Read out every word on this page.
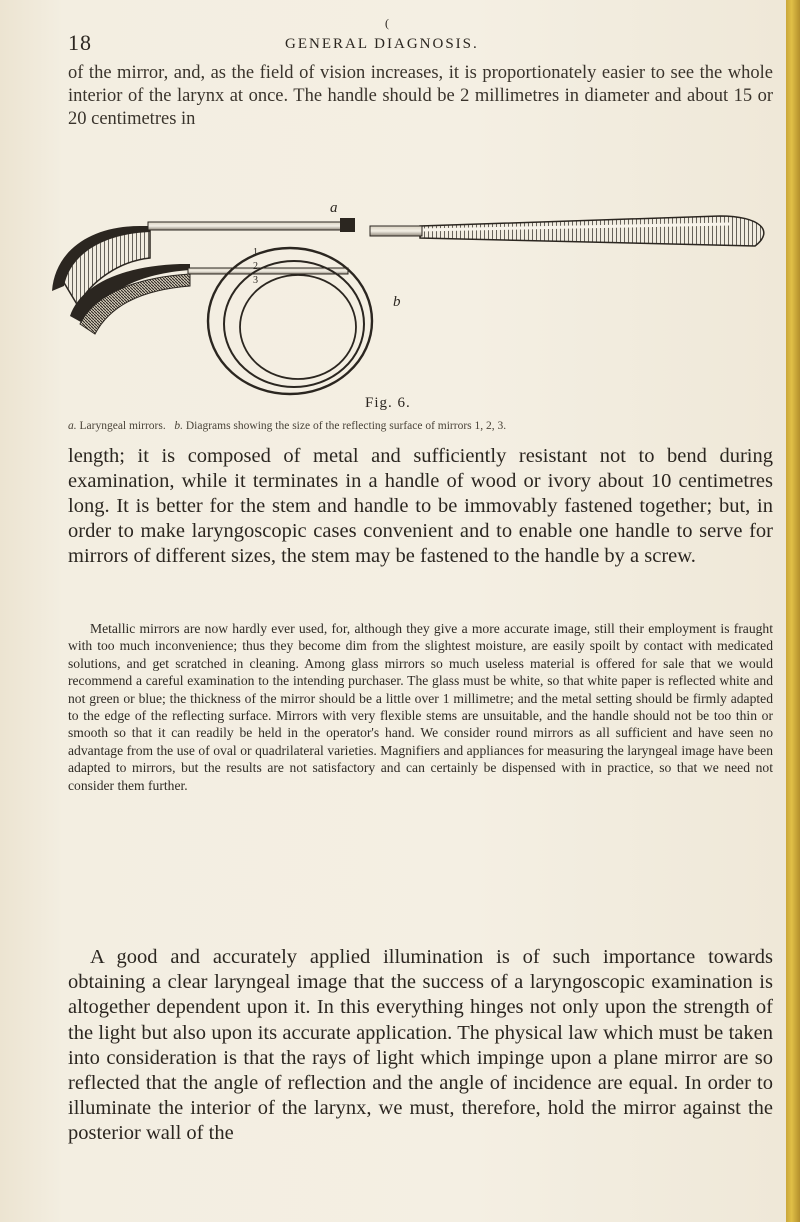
(
18	GENERAL DIAGNOSIS.

of the mirror, and, as the field of vision increases, it is proportionately easier to see the whole interior of the larynx at once. The handle should be 2 millimetres in diameter and about 15 or 20 centimetres in

a
b
1
2
3
Fig. 6.

a. Laryngeal mirrors. b. Diagrams showing the size of the reflecting surface of mirrors 1, 2, 3.

length; it is composed of metal and sufficiently resistant not to bend during examination, while it terminates in a handle of wood or ivory about 10 centimetres long. It is better for the stem and handle to be immovably fastened together; but, in order to make laryngoscopic cases convenient and to enable one handle to serve for mirrors of different sizes, the stem may be fastened to the handle by a screw.

Metallic mirrors are now hardly ever used, for, although they give a more accurate image, still their employment is fraught with too much inconvenience; thus they become dim from the slightest moisture, are easily spoilt by contact with medicated solutions, and get scratched in cleaning. Among glass mirrors so much useless material is offered for sale that we would recommend a careful examination to the intending purchaser. The glass must be white, so that white paper is reflected white and not green or blue; the thickness of the mirror should be a little over 1 millimetre; and the metal setting should be firmly adapted to the edge of the reflecting surface. Mirrors with very flexible stems are unsuitable, and the handle should not be too thin or smooth so that it can readily be held in the operator's hand. We consider round mirrors as all sufficient and have seen no advantage from the use of oval or quadrilateral varieties. Magnifiers and appliances for measuring the laryngeal image have been adapted to mirrors, but the results are not satisfactory and can certainly be dispensed with in practice, so that we need not consider them further.

A good and accurately applied illumination is of such importance towards obtaining a clear laryngeal image that the success of a laryngoscopic examination is altogether dependent upon it. In this everything hinges not only upon the strength of the light but also upon its accurate application. The physical law which must be taken into consideration is that the rays of light which impinge upon a plane mirror are so reflected that the angle of reflection and the angle of incidence are equal. In order to illuminate the interior of the larynx, we must, therefore, hold the mirror against the posterior wall of the
